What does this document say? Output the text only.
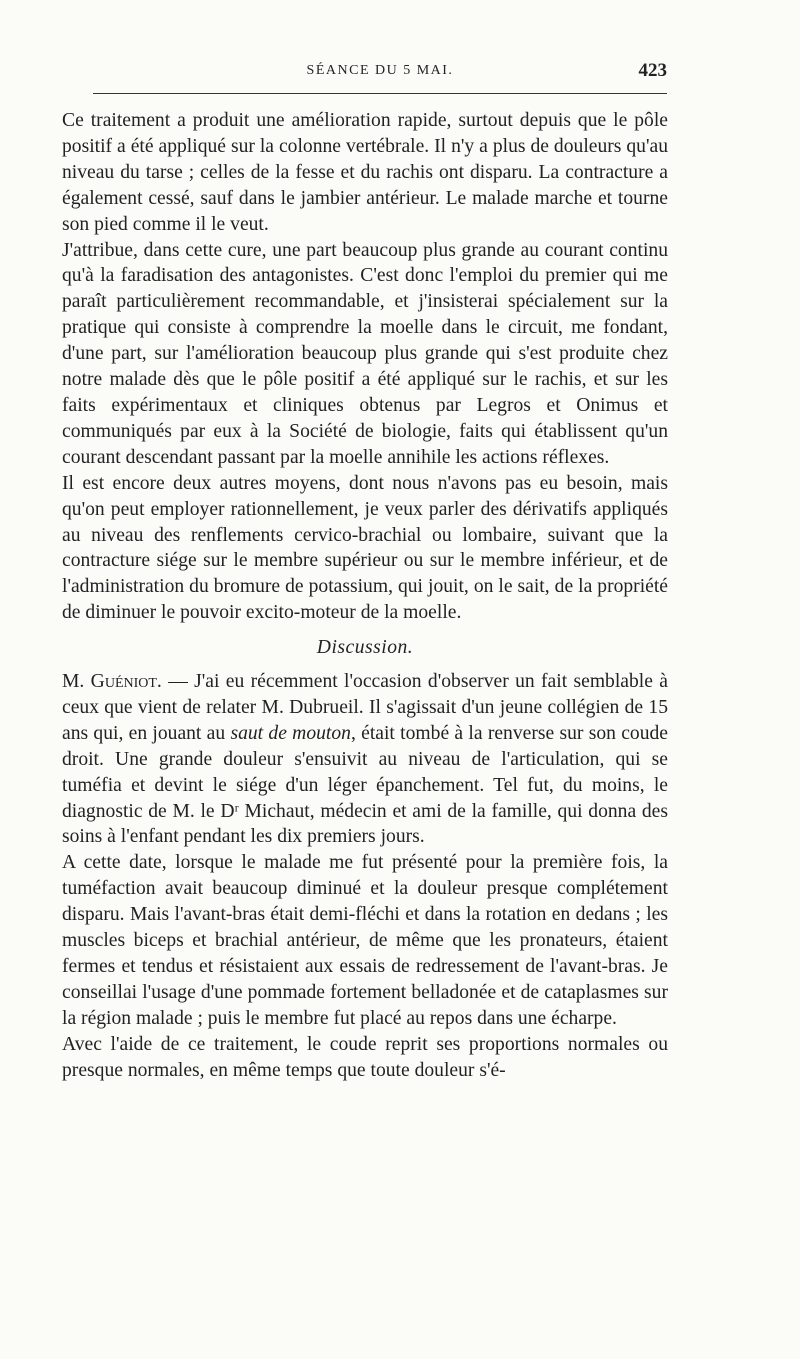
SÉANCE DU 5 MAI.	423

Ce traitement a produit une amélioration rapide, surtout depuis que le pôle positif a été appliqué sur la colonne vertébrale. Il n'y a plus de douleurs qu'au niveau du tarse ; celles de la fesse et du rachis ont disparu. La contracture a également cessé, sauf dans le jambier antérieur. Le malade marche et tourne son pied comme il le veut.

J'attribue, dans cette cure, une part beaucoup plus grande au courant continu qu'à la faradisation des antagonistes. C'est donc l'emploi du premier qui me paraît particulièrement recommandable, et j'insisterai spécialement sur la pratique qui consiste à comprendre la moelle dans le circuit, me fondant, d'une part, sur l'amélioration beaucoup plus grande qui s'est produite chez notre malade dès que le pôle positif a été appliqué sur le rachis, et sur les faits expérimentaux et cliniques obtenus par Legros et Onimus et communiqués par eux à la Société de biologie, faits qui établissent qu'un courant descendant passant par la moelle annihile les actions réflexes.

Il est encore deux autres moyens, dont nous n'avons pas eu besoin, mais qu'on peut employer rationnellement, je veux parler des dérivatifs appliqués au niveau des renflements cervico-brachial ou lombaire, suivant que la contracture siége sur le membre supérieur ou sur le membre inférieur, et de l'administration du bromure de potassium, qui jouit, on le sait, de la propriété de diminuer le pouvoir excito-moteur de la moelle.

Discussion.

M. Guéniot. — J'ai eu récemment l'occasion d'observer un fait semblable à ceux que vient de relater M. Dubrueil. Il s'agissait d'un jeune collégien de 15 ans qui, en jouant au saut de mouton, était tombé à la renverse sur son coude droit. Une grande douleur s'ensuivit au niveau de l'articulation, qui se tuméfia et devint le siége d'un léger épanchement. Tel fut, du moins, le diagnostic de M. le Dʳ Michaut, médecin et ami de la famille, qui donna des soins à l'enfant pendant les dix premiers jours.

A cette date, lorsque le malade me fut présenté pour la première fois, la tuméfaction avait beaucoup diminué et la douleur presque complétement disparu. Mais l'avant-bras était demi-fléchi et dans la rotation en dedans ; les muscles biceps et brachial antérieur, de même que les pronateurs, étaient fermes et tendus et résistaient aux essais de redressement de l'avant-bras. Je conseillai l'usage d'une pommade fortement belladonée et de cataplasmes sur la région malade ; puis le membre fut placé au repos dans une écharpe.

Avec l'aide de ce traitement, le coude reprit ses proportions normales ou presque normales, en même temps que toute douleur s'é-
